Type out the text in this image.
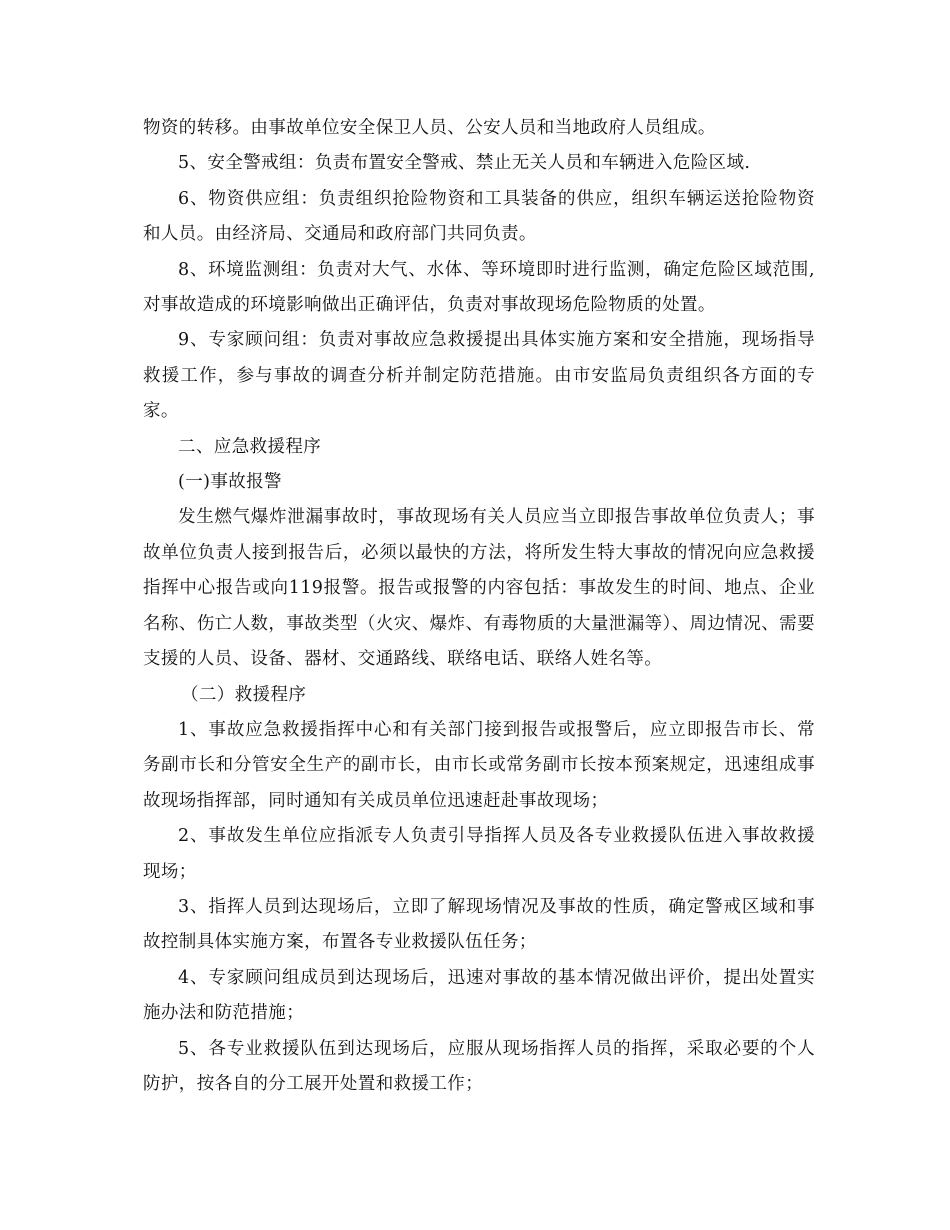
物资的转移。由事故单位安全保卫人员、公安人员和当地政府人员组成。

5、安全警戒组：负责布置安全警戒、禁止无关人员和车辆进入危险区域.

6、物资供应组：负责组织抢险物资和工具装备的供应，组织车辆运送抢险物资和人员。由经济局、交通局和政府部门共同负责。

8、环境监测组：负责对大气、水体、等环境即时进行监测，确定危险区域范围,对事故造成的环境影响做出正确评估，负责对事故现场危险物质的处置。

9、专家顾问组：负责对事故应急救援提出具体实施方案和安全措施，现场指导救援工作，参与事故的调查分析并制定防范措施。由市安监局负责组织各方面的专家。

二、应急救援程序

(一)事故报警

发生燃气爆炸泄漏事故时，事故现场有关人员应当立即报告事故单位负责人；事故单位负责人接到报告后，必须以最快的方法，将所发生特大事故的情况向应急救援指挥中心报告或向119报警。报告或报警的内容包括：事故发生的时间、地点、企业名称、伤亡人数，事故类型（火灾、爆炸、有毒物质的大量泄漏等）、周边情况、需要支援的人员、设备、器材、交通路线、联络电话、联络人姓名等。

（二）救援程序

1、事故应急救援指挥中心和有关部门接到报告或报警后，应立即报告市长、常务副市长和分管安全生产的副市长，由市长或常务副市长按本预案规定，迅速组成事故现场指挥部，同时通知有关成员单位迅速赶赴事故现场；

2、事故发生单位应指派专人负责引导指挥人员及各专业救援队伍进入事故救援现场；

3、指挥人员到达现场后，立即了解现场情况及事故的性质，确定警戒区域和事故控制具体实施方案，布置各专业救援队伍任务；

4、专家顾问组成员到达现场后，迅速对事故的基本情况做出评价，提出处置实施办法和防范措施；

5、各专业救援队伍到达现场后，应服从现场指挥人员的指挥，采取必要的个人防护，按各自的分工展开处置和救援工作；
